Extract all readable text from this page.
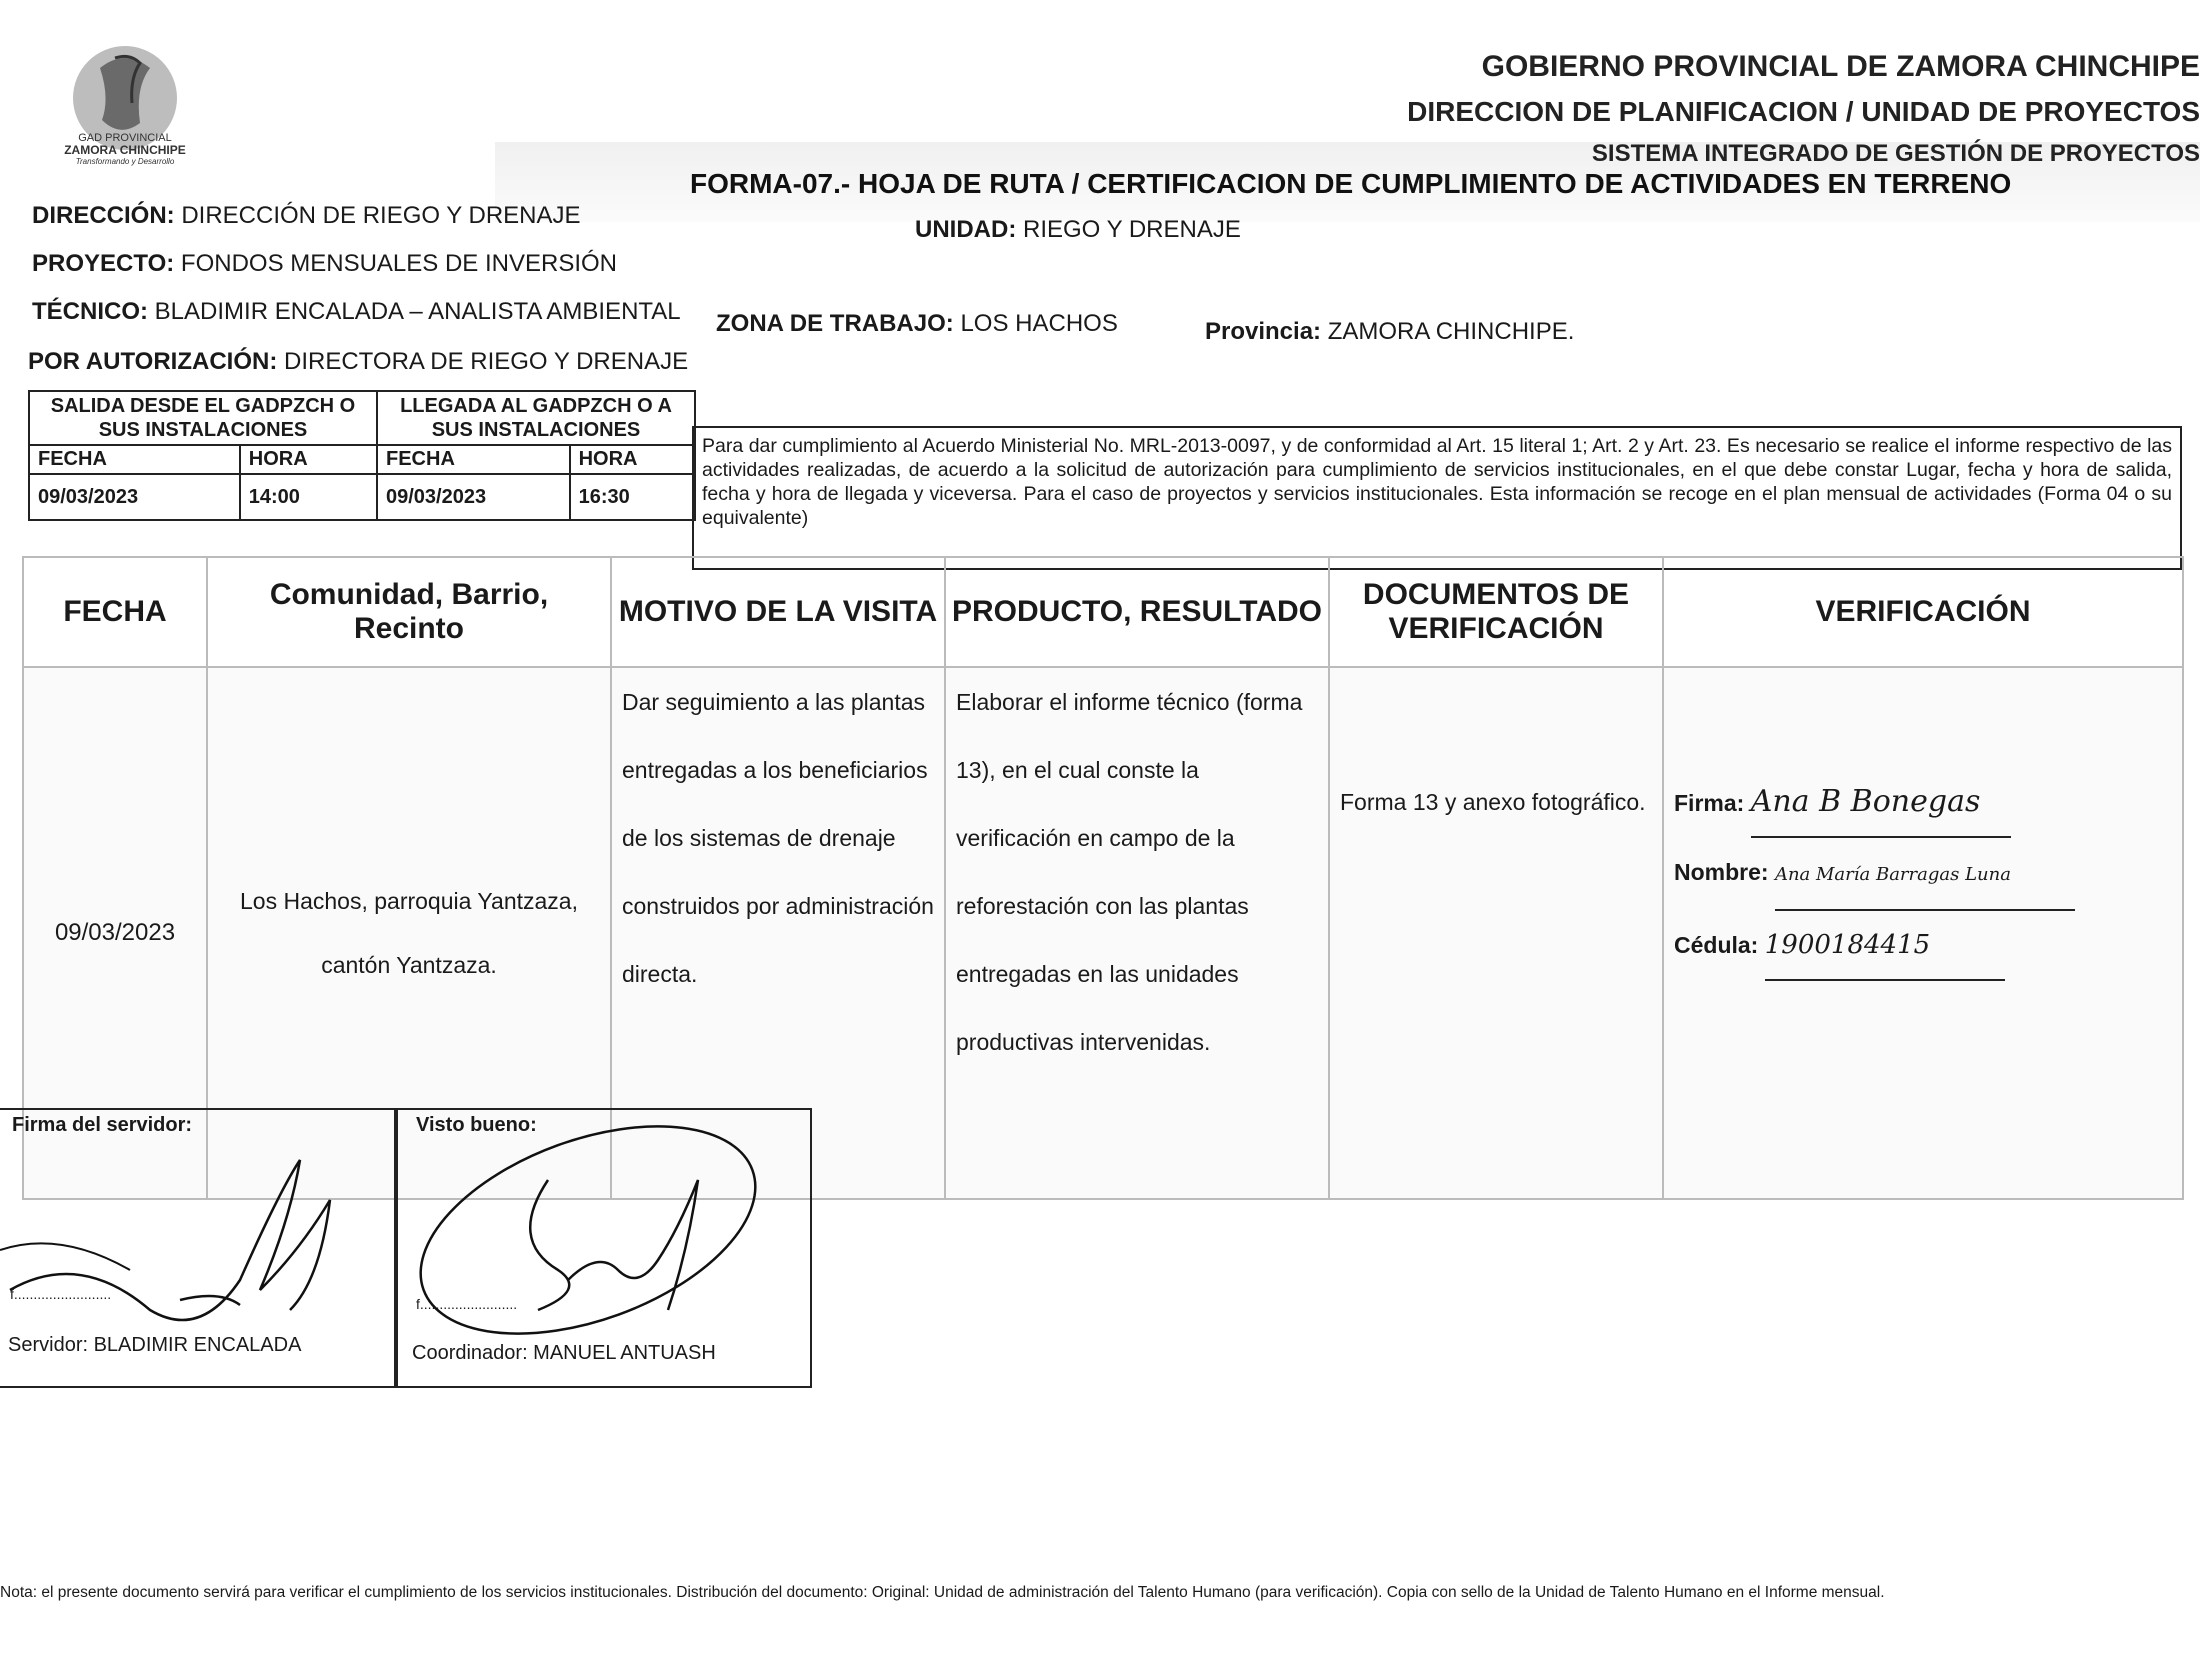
GAD PROVINCIAL
ZAMORA CHINCHIPE
Transformando y Desarrollo
GOBIERNO PROVINCIAL DE ZAMORA CHINCHIPE
DIRECCION DE PLANIFICACION / UNIDAD DE PROYECTOS
SISTEMA INTEGRADO DE GESTIÓN DE PROYECTOS
FORMA-07.- HOJA DE RUTA / CERTIFICACION DE CUMPLIMIENTO DE ACTIVIDADES EN TERRENO
DIRECCIÓN: DIRECCIÓN DE RIEGO Y DRENAJE
UNIDAD: RIEGO Y DRENAJE
PROYECTO: FONDOS MENSUALES DE INVERSIÓN
TÉCNICO: BLADIMIR ENCALADA – ANALISTA AMBIENTAL ZONA DE TRABAJO: LOS HACHOS	Provincia: ZAMORA CHINCHIPE.
POR AUTORIZACIÓN: DIRECTORA DE RIEGO Y DRENAJE
SALIDA DESDE EL GADPZCH O SUS INSTALACIONES		LLEGADA AL GADPZCH O A SUS INSTALACIONES	
FECHA	HORA	FECHA	HORA
09/03/2023	14:00	09/03/2023	16:30
Para dar cumplimiento al Acuerdo Ministerial No. MRL-2013-0097, y de conformidad al Art. 15 literal 1; Art. 2 y Art. 23. Es necesario se realice el informe respectivo de las actividades realizadas, de acuerdo a la solicitud de autorización para cumplimiento de servicios institucionales, en el que debe constar Lugar, fecha y hora de salida, fecha y hora de llegada y viceversa. Para el caso de proyectos y servicios institucionales. Esta información se recoge en el plan mensual de actividades (Forma 04 o su equivalente)
FECHA	Comunidad, Barrio, Recinto	MOTIVO DE LA VISITA	PRODUCTO, RESULTADO	DOCUMENTOS DE VERIFICACIÓN	VERIFICACIÓN
09/03/2023	Los Hachos, parroquia Yantzaza, cantón Yantzaza.	Dar seguimiento a las plantas entregadas a los beneficiarios de los sistemas de drenaje construidos por administración directa.	Elaborar el informe técnico (forma 13), en el cual conste la verificación en campo de la reforestación con las plantas entregadas en las unidades productivas intervenidas.	Forma 13 y anexo fotográfico.	Firma: Ana B Bonegas
Nombre: Ana María Barragas Luna
Cédula: 1900184415
Firma del servidor:
f.........................
Servidor: BLADIMIR ENCALADA
Visto bueno:
f.........................
Coordinador: MANUEL ANTUASH
Nota: el presente documento servirá para verificar el cumplimiento de los servicios institucionales. Distribución del documento: Original: Unidad de administración del Talento Humano (para verificación). Copia con sello de la Unidad de Talento Humano en el Informe mensual.
